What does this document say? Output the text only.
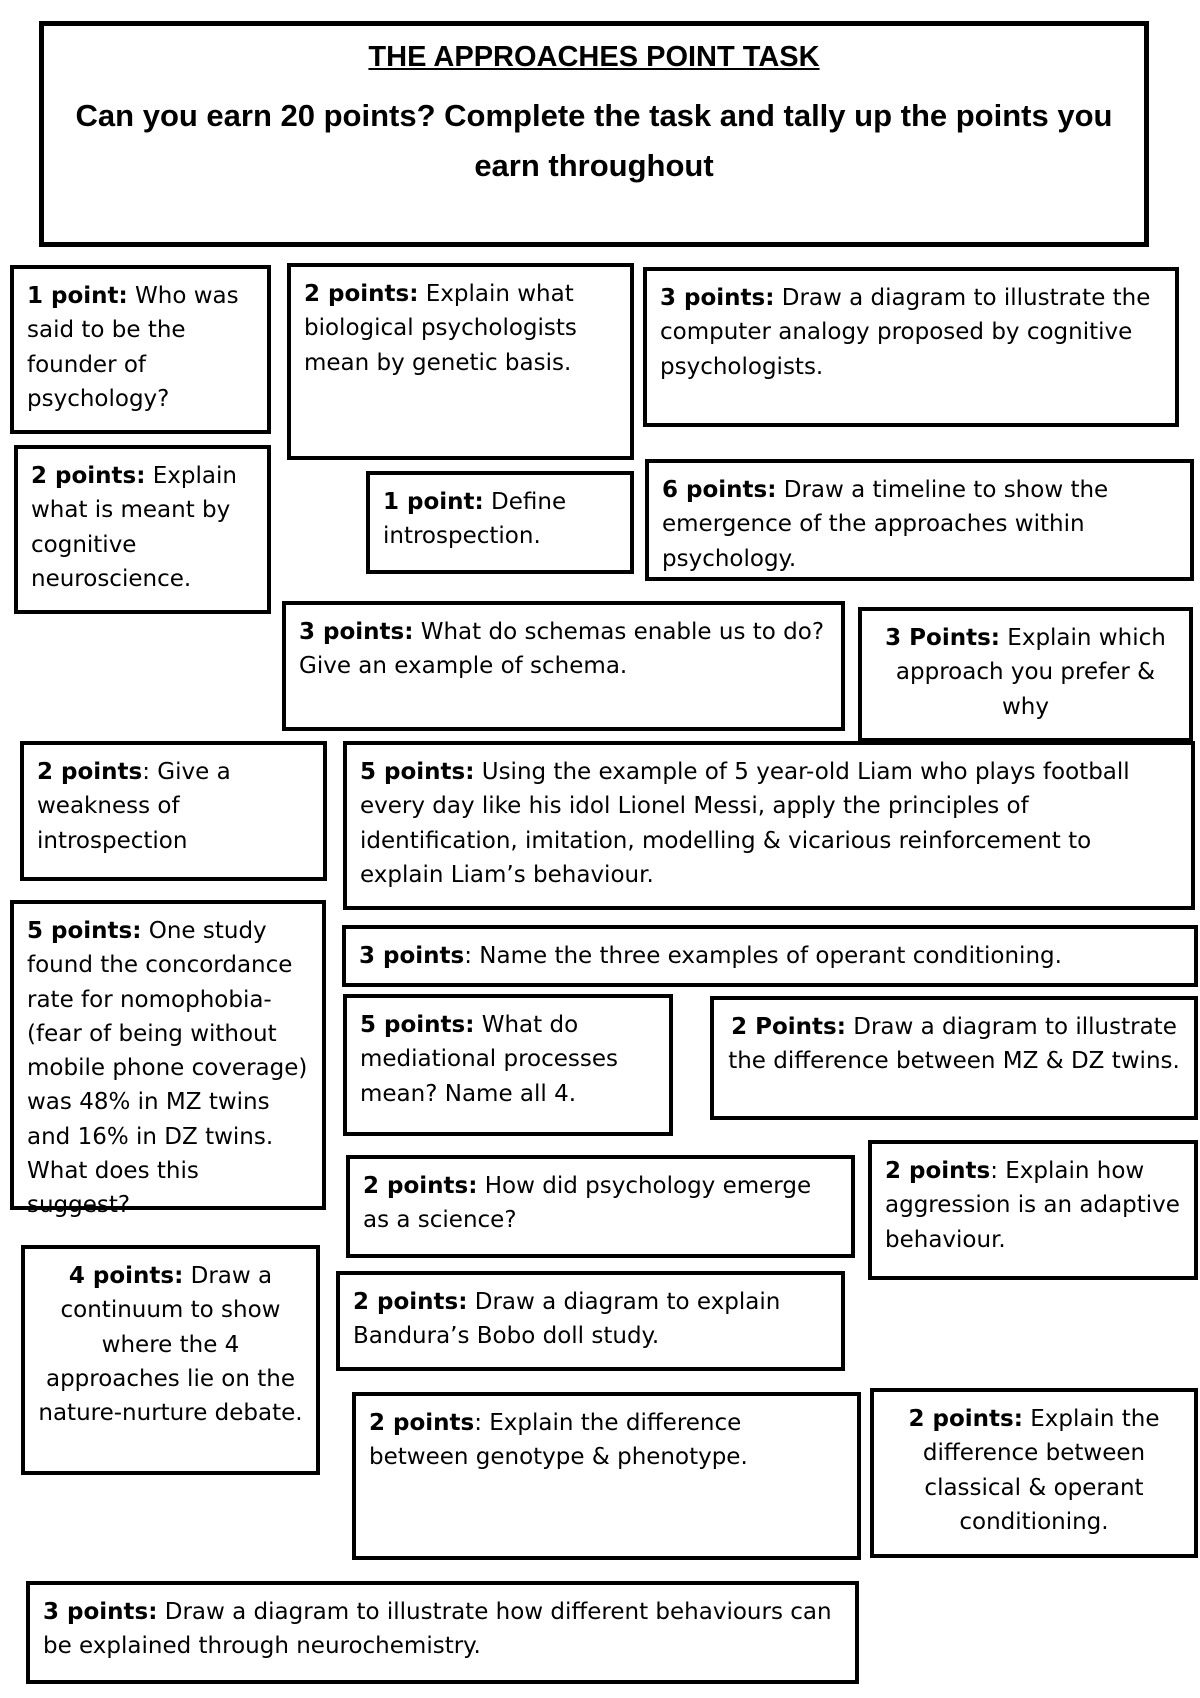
THE APPROACHES POINT TASK
Can you earn 20 points? Complete the task and tally up the points you earn throughout
1 point: Who was said to be the founder of psychology?
2 points: Explain what biological psychologists mean by genetic basis.
3 points: Draw a diagram to illustrate the computer analogy proposed by cognitive psychologists.
2 points: Explain what is meant by cognitive neuroscience.
1 point: Define introspection.
6 points: Draw a timeline to show the emergence of the approaches within psychology.
3 points: What do schemas enable us to do? Give an example of schema.
3 Points: Explain which approach you prefer & why
2 points: Give a weakness of introspection
5 points: Using the example of 5 year-old Liam who plays football every day like his idol Lionel Messi, apply the principles of identification, imitation, modelling & vicarious reinforcement to explain Liam’s behaviour.
5 points: One study found the concordance rate for nomophobia- (fear of being without mobile phone coverage) was 48% in MZ twins and 16% in DZ twins. What does this suggest?
3 points: Name the three examples of operant conditioning.
5 points: What do mediational processes mean? Name all 4.
2 Points: Draw a diagram to illustrate the difference between MZ & DZ twins.
2 points: How did psychology emerge as a science?
2 points: Explain how aggression is an adaptive behaviour.
4 points: Draw a continuum to show where the 4 approaches lie on the nature-nurture debate.
2 points: Draw a diagram to explain Bandura’s Bobo doll study.
2 points: Explain the difference between genotype & phenotype.
2 points: Explain the difference between classical & operant conditioning.
3 points: Draw a diagram to illustrate how different behaviours can be explained through neurochemistry.
